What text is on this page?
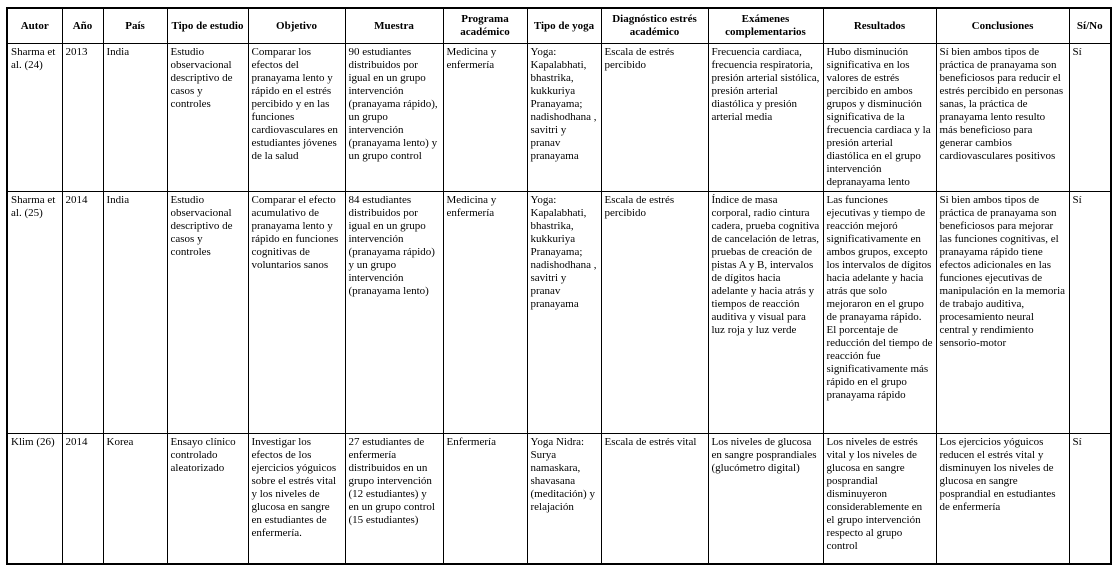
Autor	Año	País	Tipo de estudio	Objetivo	Muestra	Programa académico	Tipo de yoga	Diagnóstico estrés académico	Exámenes complementarios	Resultados	Conclusiones	Sí/No
Sharma et al. (24)	2013	India	Estudio observacional descriptivo de casos y controles	Comparar los efectos del pranayama lento y rápido en el estrés percibido y en las funciones cardiovasculares en estudiantes jóvenes de la salud	90 estudiantes distribuidos por igual en un grupo intervención (pranayama rápido), un grupo intervención (pranayama lento) y un grupo control	Medicina y enfermería	Yoga: Kapalabhati, bhastrika, kukkuriya Pranayama; nadishodhana , savitri y pranav pranayama	Escala de estrés percibido	Frecuencia cardiaca, frecuencia respiratoria, presión arterial sistólica, presión arterial diastólica y presión arterial media	Hubo disminución significativa en los valores de estrés percibido en ambos grupos y disminución significativa de la frecuencia cardiaca y la presión arterial diastólica en el grupo intervención depranayama lento	Sí bien ambos tipos de práctica de pranayama son beneficiosos para reducir el estrés percibido en personas sanas, la práctica de pranayama lento resulto más beneficioso para generar cambios cardiovasculares positivos	Sí
Sharma et al. (25)	2014	India	Estudio observacional descriptivo de casos y controles	Comparar el efecto acumulativo de pranayama lento y rápido en funciones cognitivas de voluntarios sanos	84 estudiantes distribuidos por igual en un grupo intervención (pranayama rápido) y un grupo intervención (pranayama lento)	Medicina y enfermería	Yoga: Kapalabhati, bhastrika, kukkuriya Pranayama; nadishodhana , savitri y pranav pranayama	Escala de estrés percibido	Índice de masa corporal, radio cintura cadera, prueba cognitiva de cancelación de letras, pruebas de creación de pistas A y B, intervalos de dígitos hacia adelante y hacia atrás y tiempos de reacción auditiva y visual para luz roja y luz verde	Las funciones ejecutivas y tiempo de reacción mejoró significativamente en ambos grupos, excepto los intervalos de dígitos hacia adelante y hacia atrás que solo mejoraron en el grupo de pranayama rápido. El porcentaje de reducción del tiempo de reacción fue significativamente más rápido en el grupo pranayama rápido	Si bien ambos tipos de práctica de pranayama son beneficiosos para mejorar las funciones cognitivas, el pranayama rápido tiene efectos adicionales en las funciones ejecutivas de manipulación en la memoria de trabajo auditiva, procesamiento neural central y rendimiento sensorio-motor	Sí
Klim (26)	2014	Korea	Ensayo clínico controlado aleatorizado	Investigar los efectos de los ejercicios yóguicos sobre el estrés vital y los niveles de glucosa en sangre en estudiantes de enfermería.	27 estudiantes de enfermería distribuidos en un grupo intervención (12 estudiantes) y en un grupo control (15 estudiantes)	Enfermería	Yoga Nidra: Surya namaskara, shavasana (meditación) y relajación	Escala de estrés vital	Los niveles de glucosa en sangre posprandiales (glucómetro digital)	Los niveles de estrés vital y los niveles de glucosa en sangre posprandial disminuyeron considerablemente en el grupo intervención respecto al grupo control	Los ejercicios yóguicos reducen el estrés vital y disminuyen los niveles de glucosa en sangre posprandial en estudiantes de enfermería	Sí
